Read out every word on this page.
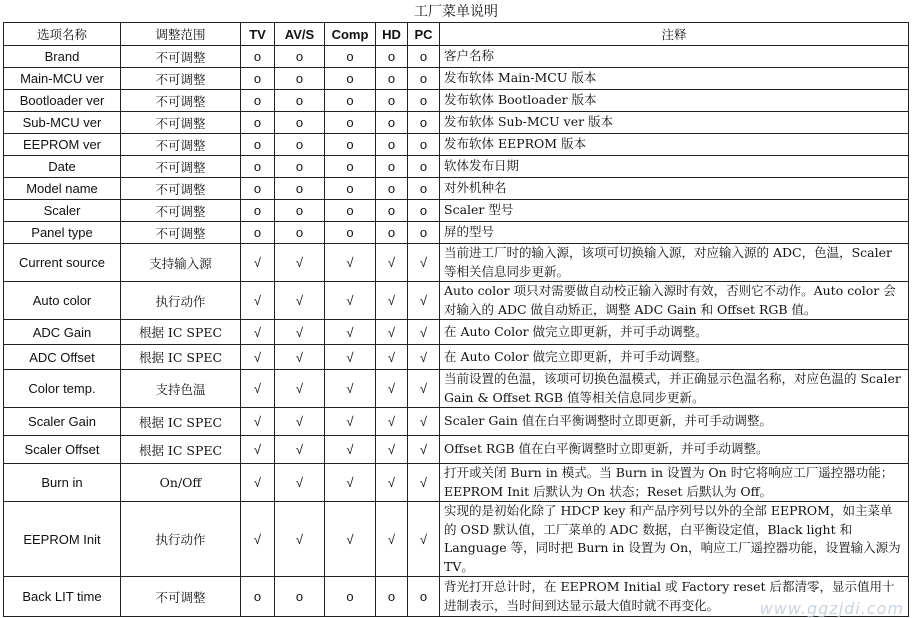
工厂菜单说明
选项名称	调整范围	TV	AV/S	Comp	HD	PC	注释
Brand	不可调整	o	o	o	o	o	客户名称
Main-MCU ver	不可调整	o	o	o	o	o	发布软体 Main-MCU 版本
Bootloader ver	不可调整	o	o	o	o	o	发布软体 Bootloader 版本
Sub-MCU ver	不可调整	o	o	o	o	o	发布软体 Sub-MCU ver 版本
EEPROM ver	不可调整	o	o	o	o	o	发布软体 EEPROM 版本
Date	不可调整	o	o	o	o	o	软体发布日期
Model name	不可调整	o	o	o	o	o	对外机种名
Scaler	不可调整	o	o	o	o	o	Scaler 型号
Panel type	不可调整	o	o	o	o	o	屏的型号
Current source	支持输入源	√	√	√	√	√	当前进工厂时的输入源，该项可切换输入源，对应输入源的 ADC，色温，Scaler 等相关信息同步更新。
Auto color	执行动作	√	√	√	√	√	Auto color 项只对需要做自动校正输入源时有效，否则它不动作。Auto color 会对输入的 ADC 做自动矫正，调整 ADC Gain 和 Offset RGB 值。
ADC Gain	根据 IC SPEC	√	√	√	√	√	在 Auto Color 做完立即更新，并可手动调整。
ADC Offset	根据 IC SPEC	√	√	√	√	√	在 Auto Color 做完立即更新，并可手动调整。
Color temp.	支持色温	√	√	√	√	√	当前设置的色温，该项可切换色温模式，并正确显示色温名称，对应色温的 Scaler Gain & Offset RGB 值等相关信息同步更新。
Scaler Gain	根据 IC SPEC	√	√	√	√	√	Scaler Gain 值在白平衡调整时立即更新，并可手动调整。
Scaler Offset	根据 IC SPEC	√	√	√	√	√	Offset RGB 值在白平衡调整时立即更新，并可手动调整。
Burn in	On/Off	√	√	√	√	√	打开或关闭 Burn in 模式。当 Burn in 设置为 On 时它将响应工厂遥控器功能；EEPROM Init 后默认为 On 状态；Reset 后默认为 Off。
EEPROM Init	执行动作	√	√	√	√	√	实现的是初始化除了 HDCP key 和产品序列号以外的全部 EEPROM，如主菜单的 OSD 默认值，工厂菜单的 ADC 数据，白平衡设定值，Black light 和 Language 等，同时把 Burn in 设置为 On，响应工厂遥控器功能，设置输入源为 TV。
Back LIT time	不可调整	o	o	o	o	o	背光打开总计时，在 EEPROM Initial 或 Factory reset 后都清零，显示值用十进制表示，当时间到达显示最大值时就不再变化。	www.ggzjdi.com
